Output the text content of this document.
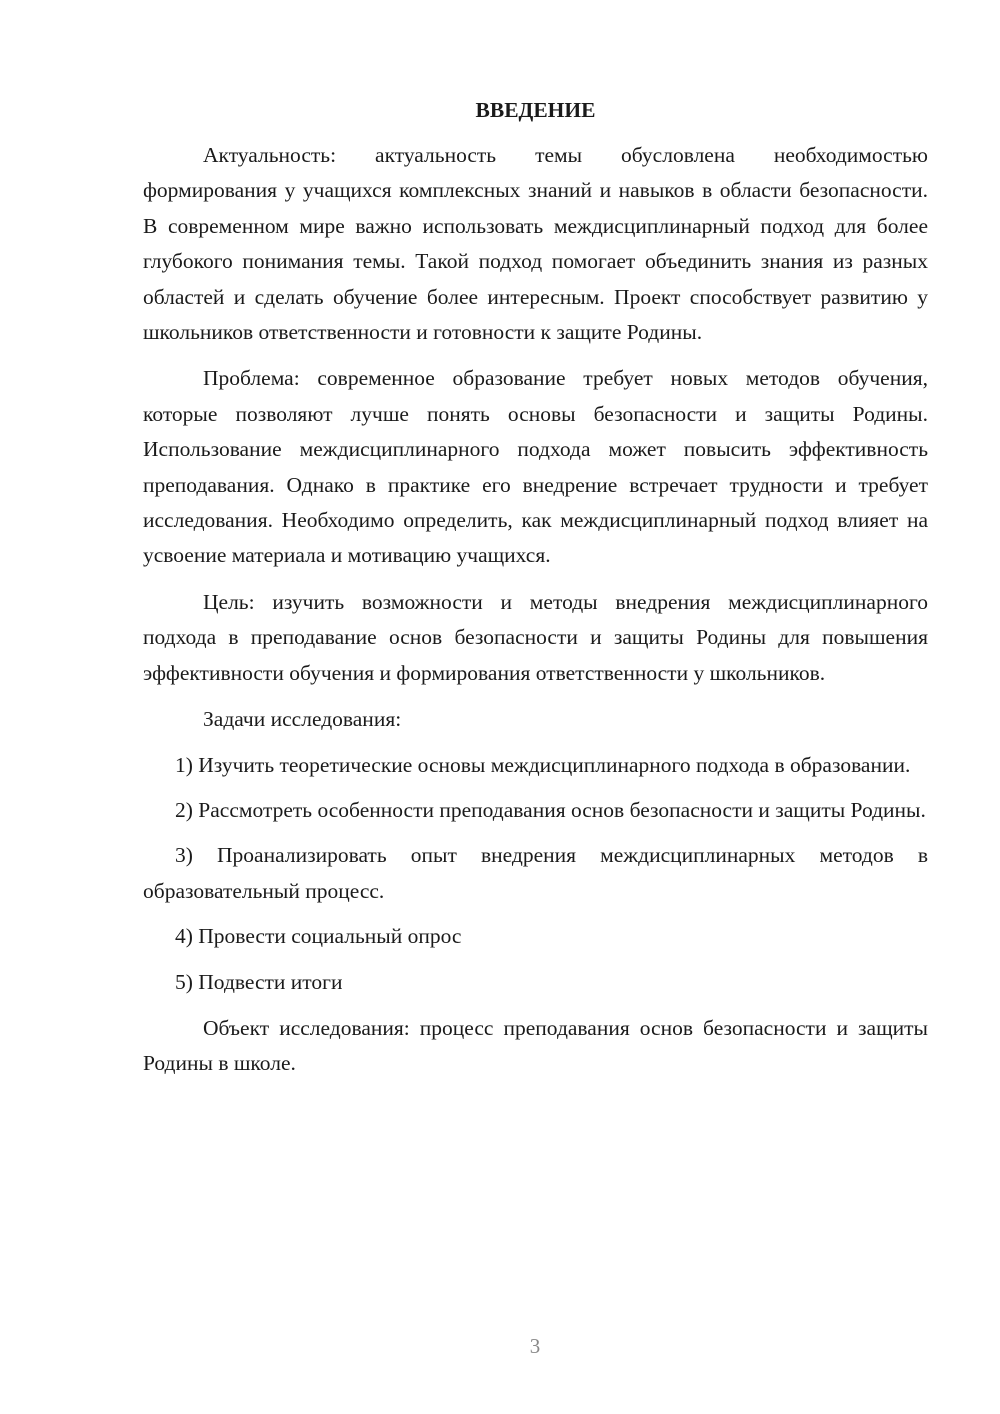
ВВЕДЕНИЕ

Актуальность: актуальность темы обусловлена необходимостью формирования у учащихся комплексных знаний и навыков в области безопасности. В современном мире важно использовать междисциплинарный подход для более глубокого понимания темы. Такой подход помогает объединить знания из разных областей и сделать обучение более интересным. Проект способствует развитию у школьников ответственности и готовности к защите Родины.

Проблема: современное образование требует новых методов обучения, которые позволяют лучше понять основы безопасности и защиты Родины. Использование междисциплинарного подхода может повысить эффективность преподавания. Однако в практике его внедрение встречает трудности и требует исследования. Необходимо определить, как междисциплинарный подход влияет на усвоение материала и мотивацию учащихся.

Цель: изучить возможности и методы внедрения междисциплинарного подхода в преподавание основ безопасности и защиты Родины для повышения эффективности обучения и формирования ответственности у школьников.

Задачи исследования:

1) Изучить теоретические основы междисциплинарного подхода в образовании.

2) Рассмотреть особенности преподавания основ безопасности и защиты Родины.

3) Проанализировать опыт внедрения междисциплинарных методов в образовательный процесс.

4) Провести социальный опрос

5) Подвести итоги

Объект исследования: процесс преподавания основ безопасности и защиты Родины в школе.

3
